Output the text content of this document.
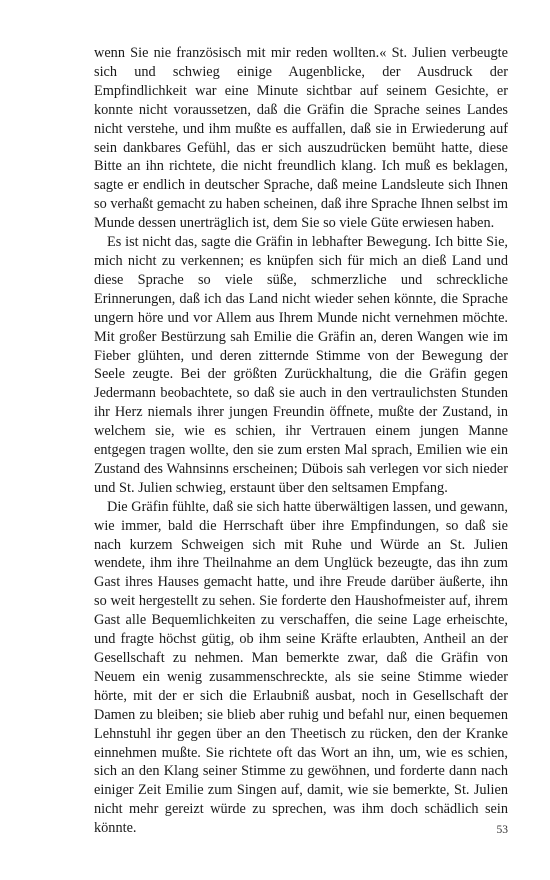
wenn Sie nie französisch mit mir reden wollten.« St. Julien verbeugte sich und schwieg einige Augenblicke, der Ausdruck der Empfindlichkeit war eine Minute sichtbar auf seinem Gesichte, er konnte nicht voraussetzen, daß die Gräfin die Sprache seines Landes nicht verstehe, und ihm mußte es auffallen, daß sie in Erwiederung auf sein dankbares Gefühl, das er sich auszudrücken bemüht hatte, diese Bitte an ihn richtete, die nicht freundlich klang. Ich muß es beklagen, sagte er endlich in deutscher Sprache, daß meine Landsleute sich Ihnen so verhaßt gemacht zu haben scheinen, daß ihre Sprache Ihnen selbst im Munde dessen unerträglich ist, dem Sie so viele Güte erwiesen haben.

Es ist nicht das, sagte die Gräfin in lebhafter Bewegung. Ich bitte Sie, mich nicht zu verkennen; es knüpfen sich für mich an dieß Land und diese Sprache so viele süße, schmerzliche und schreckliche Erinnerungen, daß ich das Land nicht wieder sehen könnte, die Sprache ungern höre und vor Allem aus Ihrem Munde nicht vernehmen möchte. Mit großer Bestürzung sah Emilie die Gräfin an, deren Wangen wie im Fieber glühten, und deren zitternde Stimme von der Bewegung der Seele zeugte. Bei der größten Zurückhaltung, die die Gräfin gegen Jedermann beobachtete, so daß sie auch in den vertraulichsten Stunden ihr Herz niemals ihrer jungen Freundin öffnete, mußte der Zustand, in welchem sie, wie es schien, ihr Vertrauen einem jungen Manne entgegen tragen wollte, den sie zum ersten Mal sprach, Emilien wie ein Zustand des Wahnsinns erscheinen; Dübois sah verlegen vor sich nieder und St. Julien schwieg, erstaunt über den seltsamen Empfang.

Die Gräfin fühlte, daß sie sich hatte überwältigen lassen, und gewann, wie immer, bald die Herrschaft über ihre Empfindungen, so daß sie nach kurzem Schweigen sich mit Ruhe und Würde an St. Julien wendete, ihm ihre Theilnahme an dem Unglück bezeugte, das ihn zum Gast ihres Hauses gemacht hatte, und ihre Freude darüber äußerte, ihn so weit hergestellt zu sehen. Sie forderte den Haushofmeister auf, ihrem Gast alle Bequemlichkeiten zu verschaffen, die seine Lage erheischte, und fragte höchst gütig, ob ihm seine Kräfte erlaubten, Antheil an der Gesellschaft zu nehmen. Man bemerkte zwar, daß die Gräfin von Neuem ein wenig zusammenschreckte, als sie seine Stimme wieder hörte, mit der er sich die Erlaubniß ausbat, noch in Gesellschaft der Damen zu bleiben; sie blieb aber ruhig und befahl nur, einen bequemen Lehnstuhl ihr gegen über an den Theetisch zu rücken, den der Kranke einnehmen mußte. Sie richtete oft das Wort an ihn, um, wie es schien, sich an den Klang seiner Stimme zu gewöhnen, und forderte dann nach einiger Zeit Emilie zum Singen auf, damit, wie sie bemerkte, St. Julien nicht mehr gereizt würde zu sprechen, was ihm doch schädlich sein könnte.	53
